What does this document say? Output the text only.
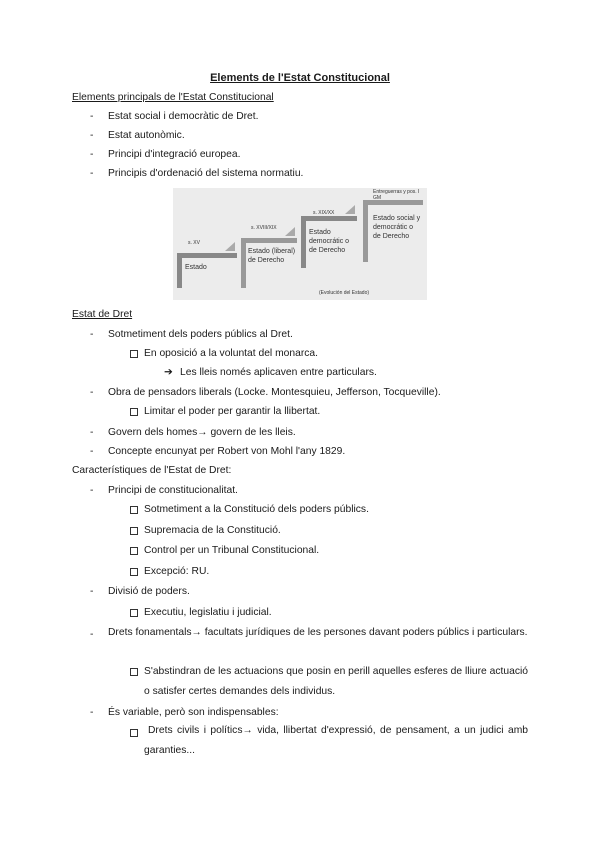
Elements de l'Estat Constitucional
Elements principals de l'Estat Constitucional
- Estat social i democràtic de Dret.
- Estat autonòmic.
- Principi d'integració europea.
- Principis d'ordenació del sistema normatiu.
s. XV
Estado
s. XVIII/XIX
Estado (liberal) de Derecho
s. XIX/XX
Estado democrátic o de Derecho
Entreguerras y pos. I GM
Estado social y democrátic o de Derecho
(Evolución del Estado)
Estat de Dret
- Sotmetiment dels poders públics al Dret.
En oposició a la voluntat del monarca.
➔ Les lleis només aplicaven entre particulars.
- Obra de pensadors liberals (Locke. Montesquieu, Jefferson, Tocqueville).
Limitar el poder per garantir la llibertat.
- Govern dels homes→ govern de les lleis.
- Concepte encunyat per Robert von Mohl l'any 1829.
Característiques de l'Estat de Dret:
- Principi de constitucionalitat.
Sotmetiment a la Constitució dels poders públics.
Supremacia de la Constitució.
Control per un Tribunal Constitucional.
Excepció: RU.
- Divisió de poders.
Executiu, legislatiu i judicial.
- Drets fonamentals→ facultats jurídiques de les persones davant poders públics i particulars.
S'abstindran de les actuacions que posin en perill aquelles esferes de lliure actuació o satisfer certes demandes dels individus.
- És variable, però son indispensables:
Drets civils i polítics→ vida, llibertat d'expressió, de pensament, a un judici amb garanties...
